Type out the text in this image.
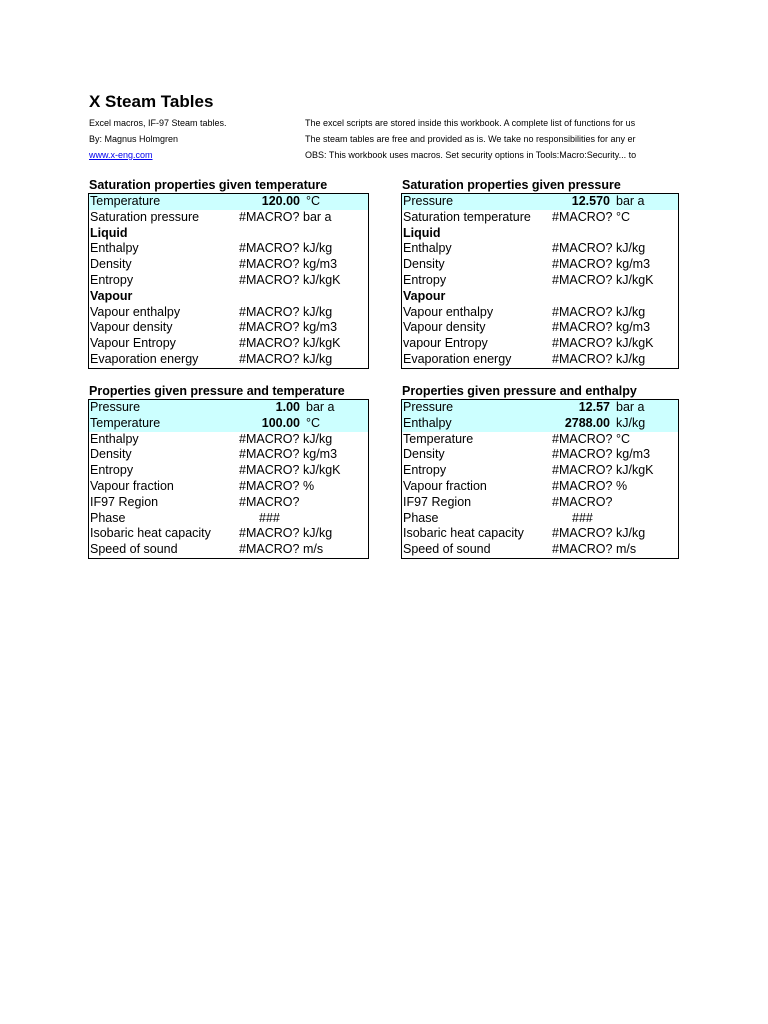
X Steam Tables
Excel macros, IF-97 Steam tables.
By: Magnus Holmgren
www.x-eng.com
The excel scripts are stored inside this workbook. A complete list of functions for us
The steam tables are free and provided as is. We take no responsibilities for any er
OBS: This workbook uses macros. Set security options in Tools:Macro:Security... to
Saturation properties given temperature
Temperature	120.00 °C
Saturation pressure	#MACRO? bar a
Liquid
Enthalpy	#MACRO? kJ/kg
Density	#MACRO? kg/m3
Entropy	#MACRO? kJ/kgK
Vapour
Vapour enthalpy	#MACRO? kJ/kg
Vapour density	#MACRO? kg/m3
Vapour Entropy	#MACRO? kJ/kgK
Evaporation energy	#MACRO? kJ/kg
Saturation properties given pressure
Pressure	12.570 bar a
Saturation temperature #MACRO? °C
Liquid
Enthalpy	#MACRO? kJ/kg
Density	#MACRO? kg/m3
Entropy	#MACRO? kJ/kgK
Vapour
Vapour enthalpy	#MACRO? kJ/kg
Vapour density	#MACRO? kg/m3
vapour Entropy	#MACRO? kJ/kgK
Evaporation energy	#MACRO? kJ/kg
Properties given pressure and temperature
Pressure	1.00 bar a
Temperature	100.00 °C
Enthalpy	#MACRO? kJ/kg
Density	#MACRO? kg/m3
Entropy	#MACRO? kJ/kgK
Vapour fraction	#MACRO? %
IF97 Region	#MACRO?
Phase	###
Isobaric heat capacity #MACRO? kJ/kg
Speed of sound	#MACRO? m/s
Properties given pressure and enthalpy
Pressure	12.57 bar a
Enthalpy	2788.00 kJ/kg
Temperature	#MACRO? °C
Density	#MACRO? kg/m3
Entropy	#MACRO? kJ/kgK
Vapour fraction	#MACRO? %
IF97 Region	#MACRO?
Phase	###
Isobaric heat capacity #MACRO? kJ/kg
Speed of sound	#MACRO? m/s
